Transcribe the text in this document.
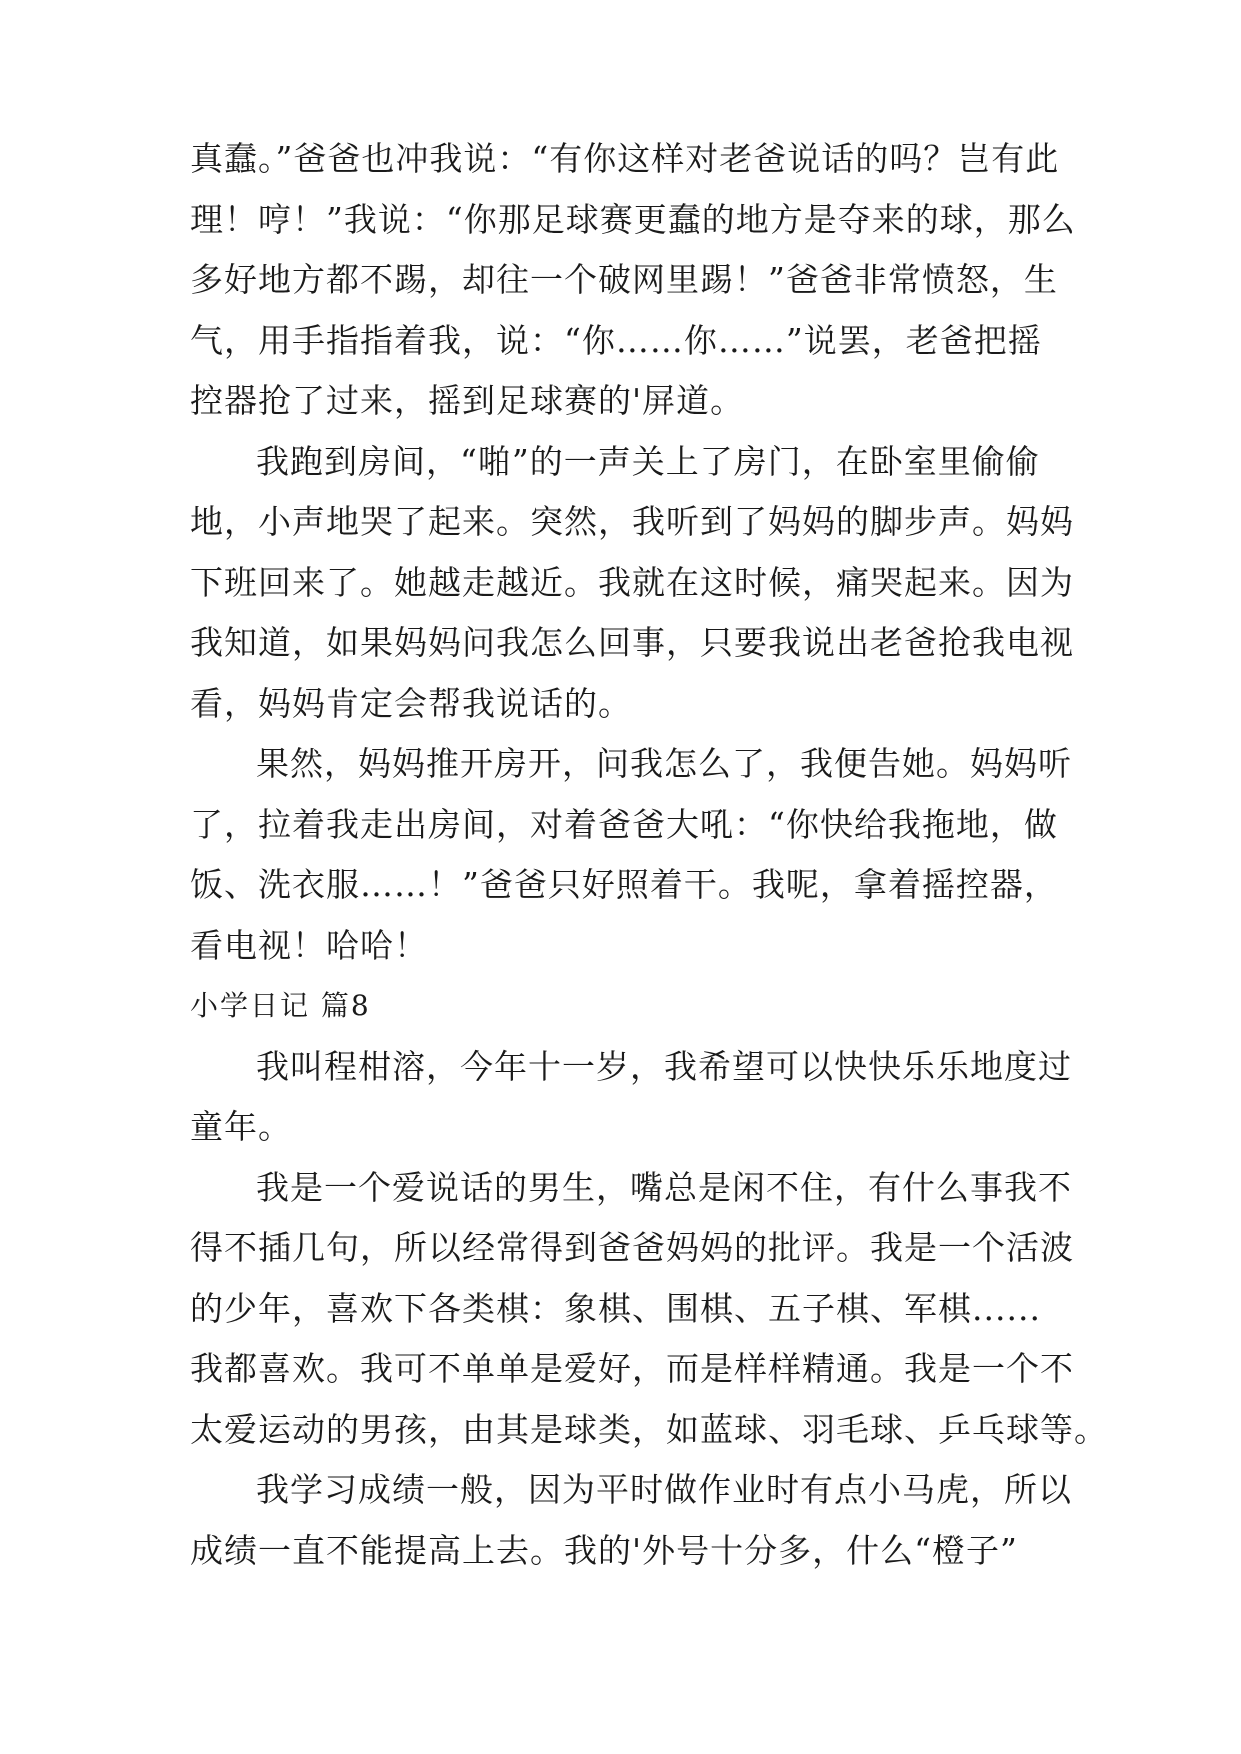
真蠢。”爸爸也冲我说：“有你这样对老爸说话的吗？岂有此
理！哼！”我说：“你那足球赛更蠢的地方是夺来的球，那么
多好地方都不踢，却往一个破网里踢！”爸爸非常愤怒，生
气，用手指指着我，说：“你……你……”说罢，老爸把摇
控器抢了过来，摇到足球赛的'屏道。
我跑到房间，“啪”的一声关上了房门，在卧室里偷偷
地，小声地哭了起来。突然，我听到了妈妈的脚步声。妈妈
下班回来了。她越走越近。我就在这时候，痛哭起来。因为
我知道，如果妈妈问我怎么回事，只要我说出老爸抢我电视
看，妈妈肯定会帮我说话的。
果然，妈妈推开房开，问我怎么了，我便告她。妈妈听
了，拉着我走出房间，对着爸爸大吼：“你快给我拖地，做
饭、洗衣服……！”爸爸只好照着干。我呢，拿着摇控器，
看电视！哈哈！
小学日记 篇8
我叫程柑溶，今年十一岁，我希望可以快快乐乐地度过
童年。
我是一个爱说话的男生，嘴总是闲不住，有什么事我不
得不插几句，所以经常得到爸爸妈妈的批评。我是一个活波
的少年，喜欢下各类棋：象棋、围棋、五子棋、军棋......
我都喜欢。我可不单单是爱好，而是样样精通。我是一个不
太爱运动的男孩，由其是球类，如蓝球、羽毛球、乒乓球等。
我学习成绩一般，因为平时做作业时有点小马虎，所以
成绩一直不能提高上去。我的'外号十分多，什么“橙子”
